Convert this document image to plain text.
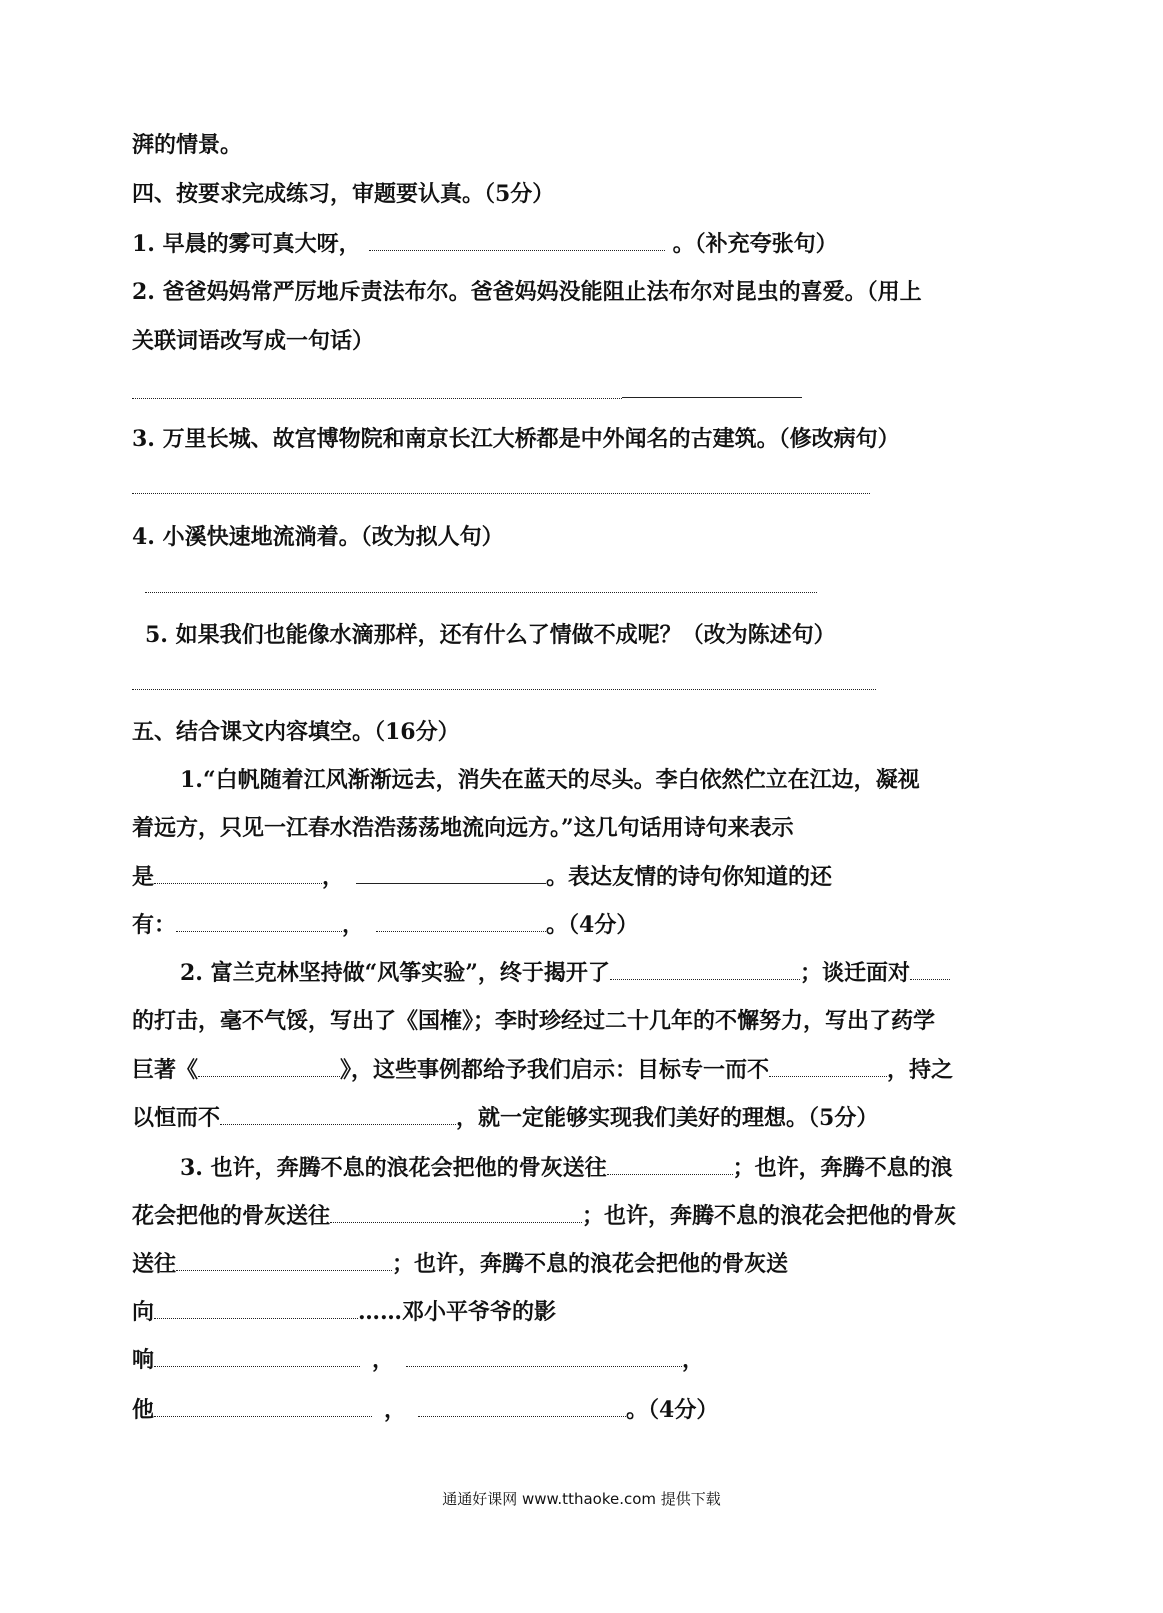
湃的情景。
四、按要求完成练习，审题要认真。（5分）
1. 早晨的雾可真大呀，	。（补充夸张句）
2. 爸爸妈妈常严厉地斥责法布尔。爸爸妈妈没能阻止法布尔对昆虫的喜爱。（用上
关联词语改写成一句话）
3. 万里长城、故宫博物院和南京长江大桥都是中外闻名的古建筑。（修改病句）
4. 小溪快速地流淌着。（改为拟人句）
5. 如果我们也能像水滴那样，还有什么了情做不成呢？（改为陈述句）
五、结合课文内容填空。（16分）
1.“白帆随着江风渐渐远去，消失在蓝天的尽头。李白依然伫立在江边，凝视
着远方，只见一江春水浩浩荡荡地流向远方。”这几句话用诗句来表示
是	，	。表达友情的诗句你知道的还
有：	，	。（4分）
2. 富兰克林坚持做“风筝实验”，终于揭开了	；谈迁面对
的打击，毫不气馁，写出了《国榷》；李时珍经过二十几年的不懈努力，写出了药学
巨著《	》，这些事例都给予我们启示：目标专一而不	，持之
以恒而不	，就一定能够实现我们美好的理想。（5分）
3. 也许，奔腾不息的浪花会把他的骨灰送往	；也许，奔腾不息的浪
花会把他的骨灰送往	；也许，奔腾不息的浪花会把他的骨灰
送往	；也许，奔腾不息的浪花会把他的骨灰送
向	……邓小平爷爷的影
响	，	，
他	，	。（4分）
通通好课网 www.tthaoke.com 提供下载
